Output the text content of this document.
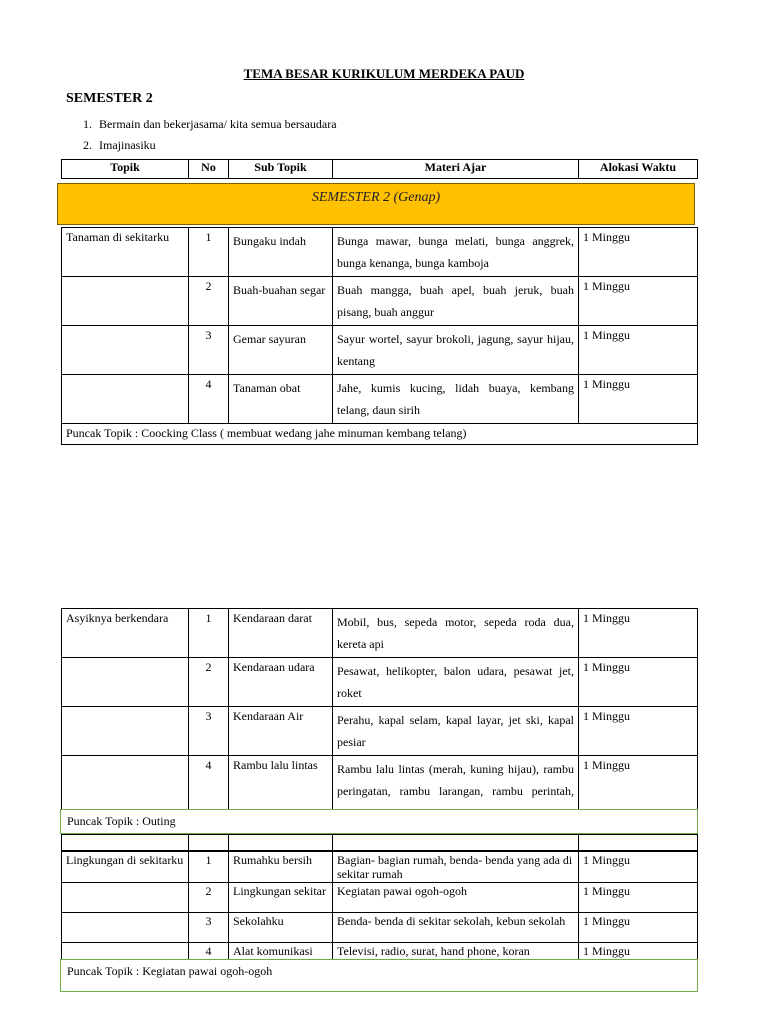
TEMA BESAR KURIKULUM MERDEKA PAUD
SEMESTER 2
1. Bermain dan bekerjasama/ kita semua bersaudara
2. Imajinasiku
Topik	No	Sub Topik	Materi Ajar	Alokasi Waktu
SEMESTER 2 (Genap)
Tanaman di sekitarku	1	Bungaku indah	Bunga mawar, bunga melati, bunga anggrek, bunga kenanga, bunga kamboja	1 Minggu
	2	Buah-buahan segar	Buah mangga, buah apel, buah jeruk, buah pisang, buah anggur	1 Minggu
	3	Gemar sayuran	Sayur wortel, sayur brokoli, jagung, sayur hijau, kentang	1 Minggu
	4	Tanaman obat	Jahe, kumis kucing, lidah buaya, kembang telang, daun sirih	1 Minggu
Puncak Topik : Coocking Class ( membuat wedang jahe minuman kembang telang)				
Asyiknya berkendara	1	Kendaraan darat	Mobil, bus, sepeda motor, sepeda roda dua, kereta api	1 Minggu
	2	Kendaraan udara	Pesawat, helikopter, balon udara, pesawat jet, roket	1 Minggu
	3	Kendaraan Air	Perahu, kapal selam, kapal layar, jet ski, kapal pesiar	1 Minggu
	4	Rambu lalu lintas	Rambu lalu lintas (merah, kuning hijau), rambu peringatan, rambu larangan, rambu perintah,	1 Minggu
Puncak Topik : Outing

Lingkungan di sekitarku	1	Rumahku bersih	Bagian- bagian rumah, benda- benda yang ada di sekitar rumah	1 Minggu
	2	Lingkungan sekitar	Kegiatan pawai ogoh-ogoh	1 Minggu
	3	Sekolahku	Benda- benda di sekitar sekolah, kebun sekolah	1 Minggu
	4	Alat komunikasi	Televisi, radio, surat, hand phone, koran	1 Minggu
Puncak Topik : Kegiatan pawai ogoh-ogoh
